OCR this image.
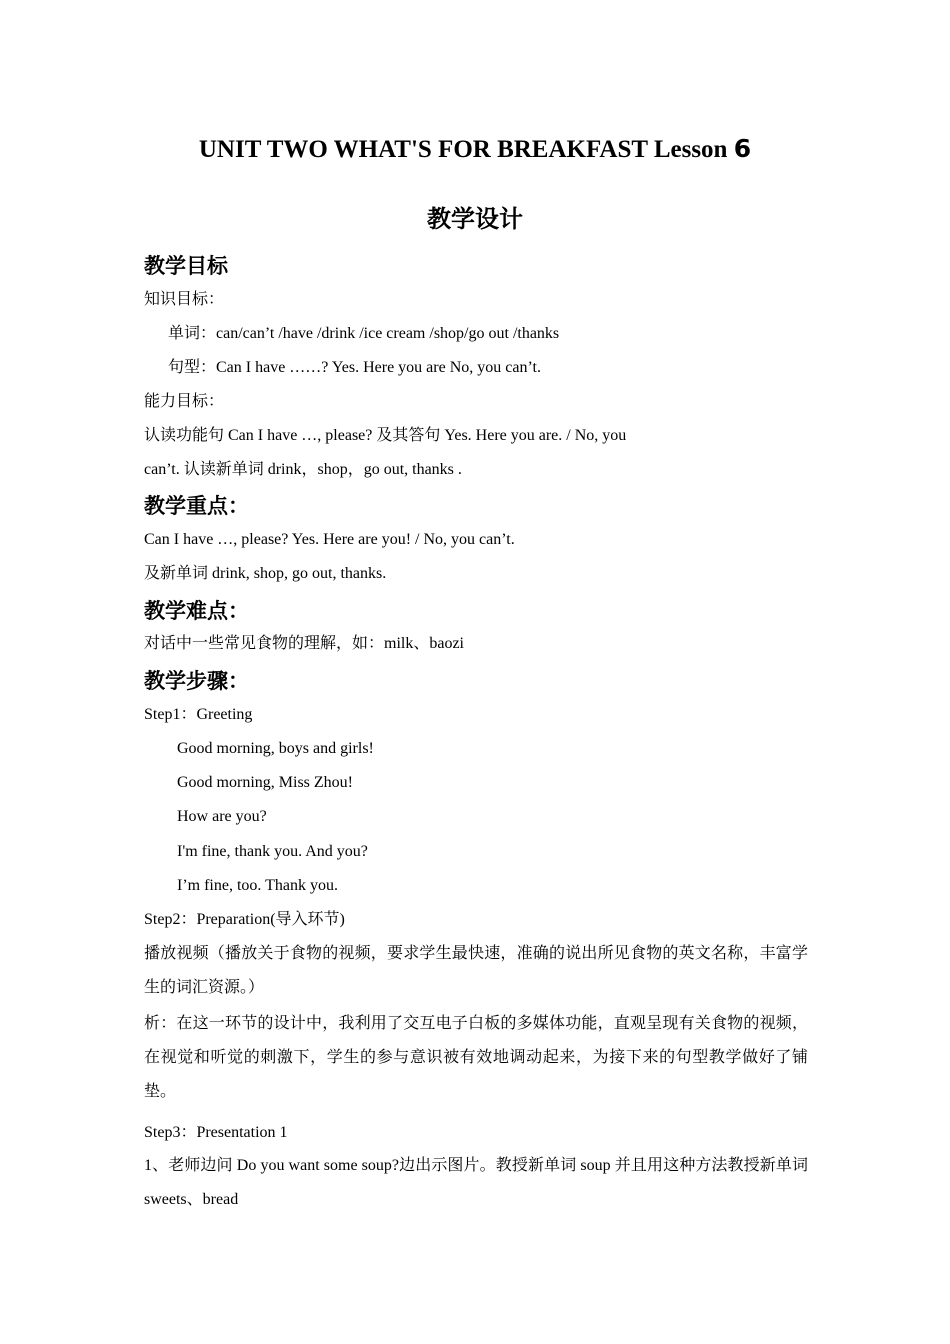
UNIT TWO WHAT'S FOR BREAKFAST Lesson 6
教学设计
教学目标
知识目标：
单词：can/can’t /have /drink /ice cream /shop/go out /thanks
句型：Can I have ……? Yes. Here you are No, you can’t.
能力目标：
认读功能句 Can I have …, please? 及其答句 Yes. Here you are. / No, you
can’t. 认读新单词 drink，shop，go out, thanks .
教学重点：
Can I have …, please? Yes. Here are you! / No, you can’t.
及新单词 drink, shop, go out, thanks.
教学难点：
对话中一些常见食物的理解，如：milk、baozi
教学步骤：
Step1：Greeting
Good morning, boys and girls!
Good morning, Miss Zhou!
How are you?
I'm fine, thank you. And you?
I’m fine, too. Thank you.
Step2：Preparation(导入环节)
播放视频（播放关于食物的视频，要求学生最快速，准确的说出所见食物的英文名称，丰富学生的词汇资源。）
析：在这一环节的设计中，我利用了交互电子白板的多媒体功能，直观呈现有关食物的视频，在视觉和听觉的刺激下，学生的参与意识被有效地调动起来，为接下来的句型教学做好了铺垫。
Step3：Presentation 1
1、老师边问 Do you want some soup?边出示图片。教授新单词 soup 并且用这种方法教授新单词 sweets、bread
